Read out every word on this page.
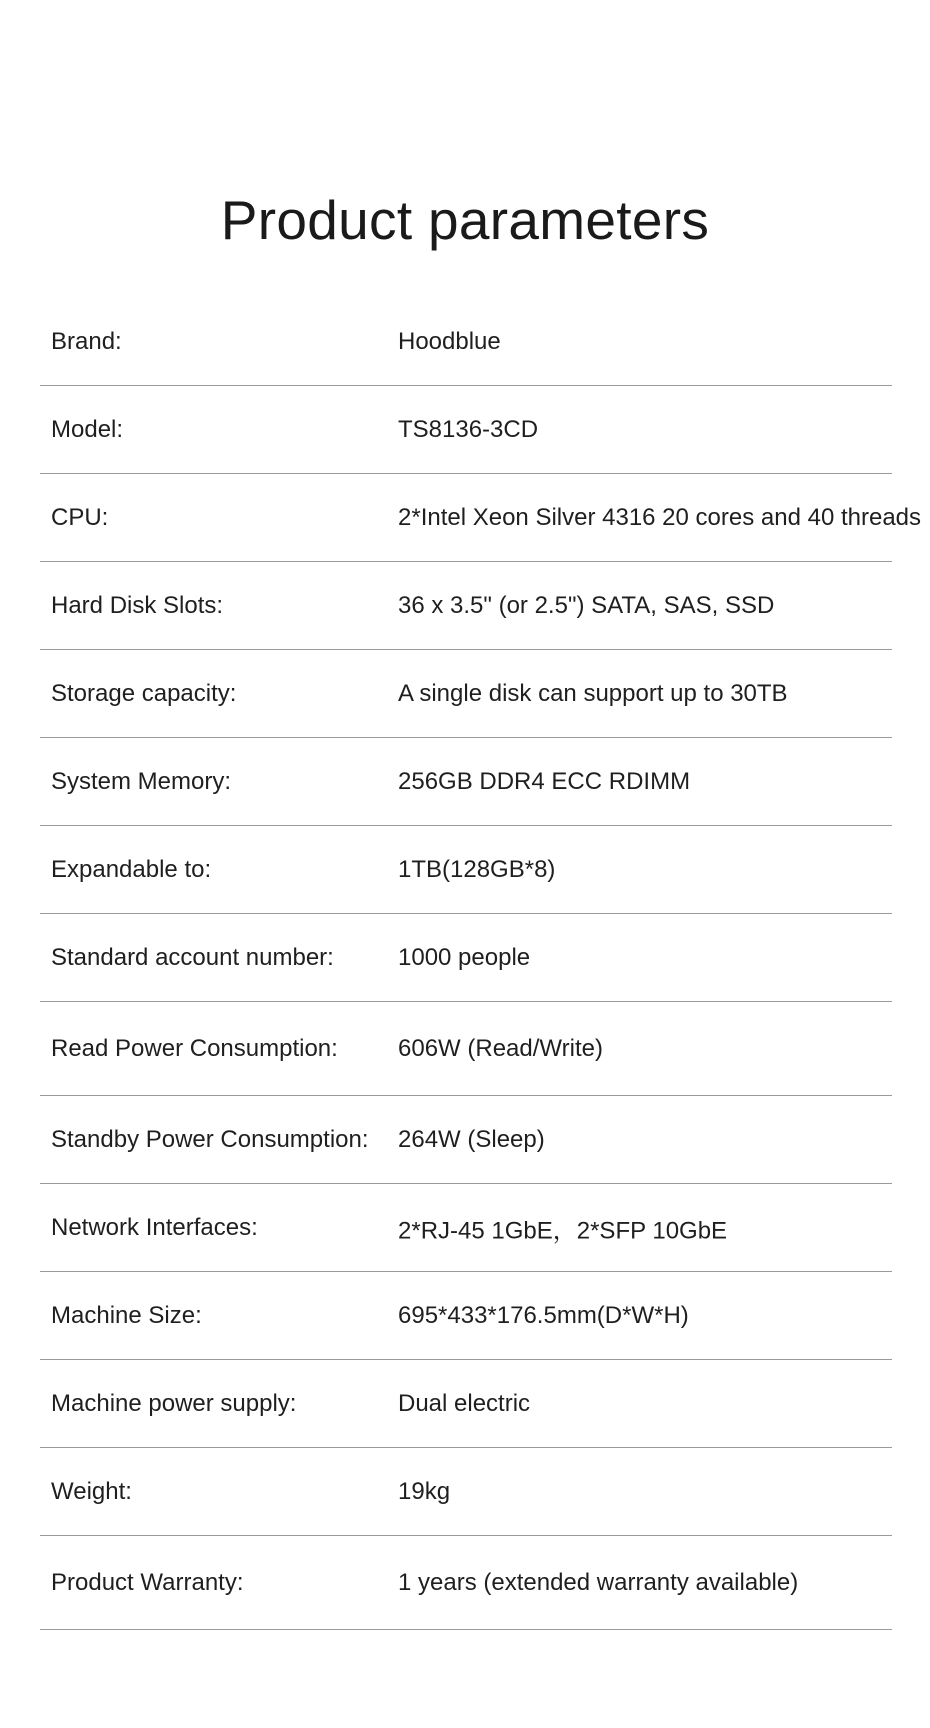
Product parameters
Brand:	Hoodblue
Model:	TS8136-3CD
CPU:	2*Intel Xeon Silver 4316 20 cores and 40 threads
Hard Disk Slots:	36 x 3.5" (or 2.5") SATA, SAS, SSD
Storage capacity:	A single disk can support up to 30TB
System Memory:	256GB DDR4 ECC RDIMM
Expandable to:	1TB(128GB*8)
Standard account number:	1000 people
Read Power Consumption:	606W (Read/Write)
Standby Power Consumption: 264W (Sleep)
Network Interfaces:	2*RJ-45 1GbE，2*SFP 10GbE
Machine Size:	695*433*176.5mm(D*W*H)
Machine power supply:	Dual electric
Weight:	19kg
Product Warranty:	1 years (extended warranty available)
